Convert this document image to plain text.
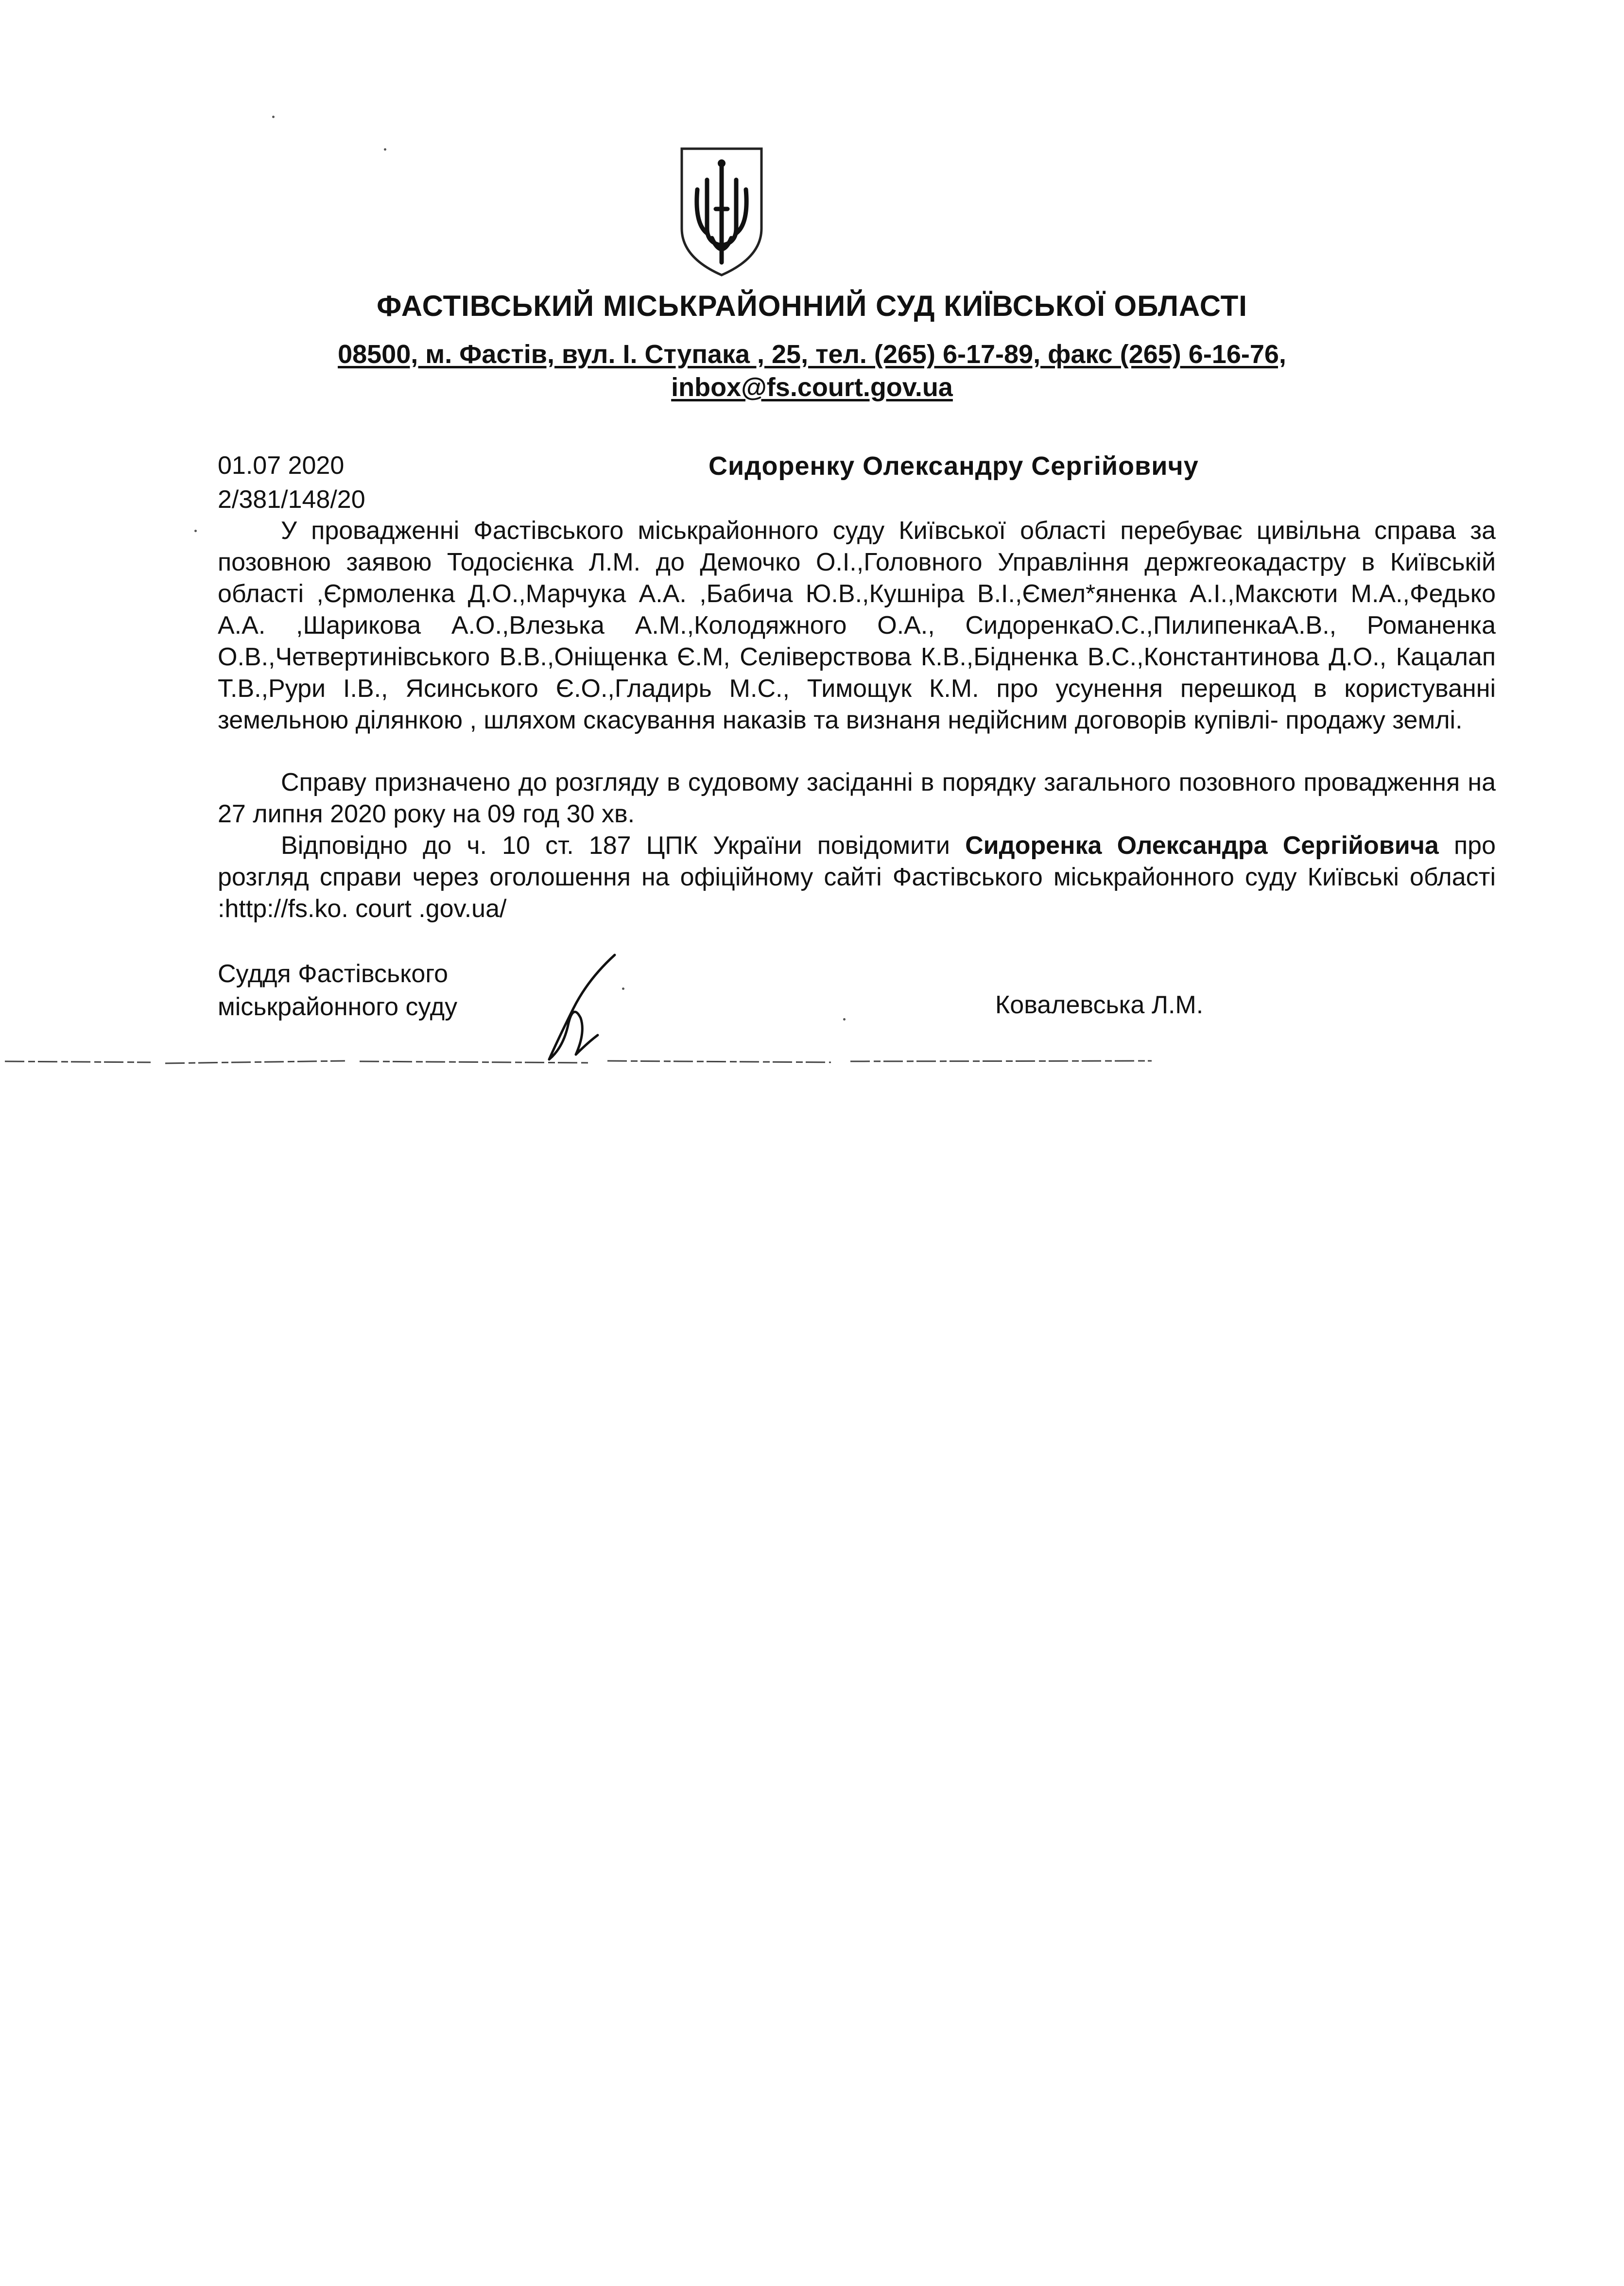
ФАСТІВСЬКИЙ МІСЬКРАЙОННИЙ СУД КИЇВСЬКОЇ ОБЛАСТІ
08500, м. Фастів, вул. І. Ступака , 25, тел. (265) 6-17-89, факс (265) 6-16-76,
inbox@fs.court.gov.ua
01.07 2020
2/381/148/20
Сидоренку Олександру Сергійовичу

У провадженні Фастівського міськрайонного суду Київської області перебуває цивільна справа за позовною заявою Тодосієнка Л.М. до Демочко О.І.,Головного Управління держгеокадастру в Київській області ,Єрмоленка Д.О.,Марчука А.А. ,Бабича Ю.В.,Кушніра В.І.,Ємел*яненка А.І.,Максюти М.А.,Федько А.А. ,Шарикова А.О.,Влезька А.М.,Колодяжного О.А., СидоренкаО.С.,ПилипенкаА.В., Романенка О.В.,Четвертинівського В.В.,Оніщенка Є.М, Селіверствова К.В.,Бідненка В.С.,Константинова Д.О., Кацалап Т.В.,Рури І.В., Ясинського Є.О.,Гладирь М.С., Тимощук К.М. про усунення перешкод в користуванні земельною ділянкою , шляхом скасування наказів та визнаня недійсним договорів купівлі- продажу землі.

Справу призначено до розгляду в судовому засіданні в порядку загального позовного провадження на 27 липня 2020 року на 09 год 30 хв.

Відповідно до ч. 10 ст. 187 ЦПК України повідомити Сидоренка Олександра Сергійовича про розгляд справи через оголошення на офіційному сайті Фастівського міськрайонного суду Київські області :http://fs.ko. court .gov.ua/

Суддя Фастівського
міськрайонного суду	Ковалевська Л.М.
